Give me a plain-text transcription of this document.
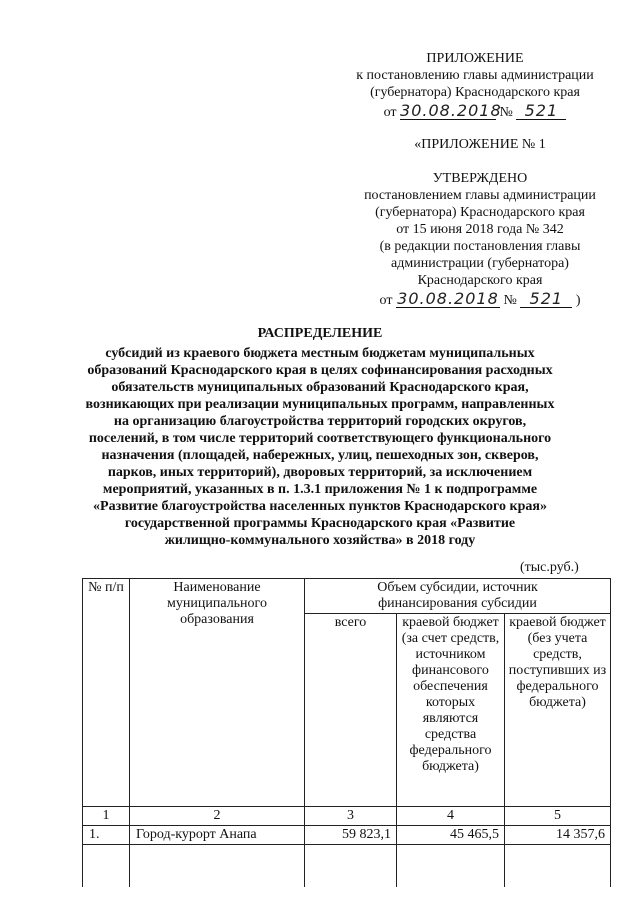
ПРИЛОЖЕНИЕ
к постановлению главы администрации
(губернатора) Краснодарского края
от 30.08.2018 № 521
«ПРИЛОЖЕНИЕ № 1
УТВЕРЖДЕНО
постановлением главы администрации
(губернатора) Краснодарского края
от 15 июня 2018 года № 342
(в редакции постановления главы
администрации (губернатора)
Краснодарского края
от 30.08.2018 № 521 )
РАСПРЕДЕЛЕНИЕ
субсидий из краевого бюджета местным бюджетам муниципальных
образований Краснодарского края в целях софинансирования расходных
обязательств муниципальных образований Краснодарского края,
возникающих при реализации муниципальных программ, направленных
на организацию благоустройства территорий городских округов,
поселений, в том числе территорий соответствующего функционального
назначения (площадей, набережных, улиц, пешеходных зон, скверов,
парков, иных территорий), дворовых территорий, за исключением
мероприятий, указанных в п. 1.3.1 приложения № 1 к подпрограмме
«Развитие благоустройства населенных пунктов Краснодарского края»
государственной программы Краснодарского края «Развитие
жилищно-коммунального хозяйства» в 2018 году
(тыс.руб.)
№ п/п	Наименование муниципального образования	Объем субсидии, источник финансирования субсидии		
		всего	краевой бюджет (за счет средств, источником финансового обеспечения которых являются средства федерального бюджета)	краевой бюджет (без учета средств, поступивших из федерального бюджета)
1	2	3	4	5
1.	Город-курорт Анапа	59 823,1	45 465,5	14 357,6
